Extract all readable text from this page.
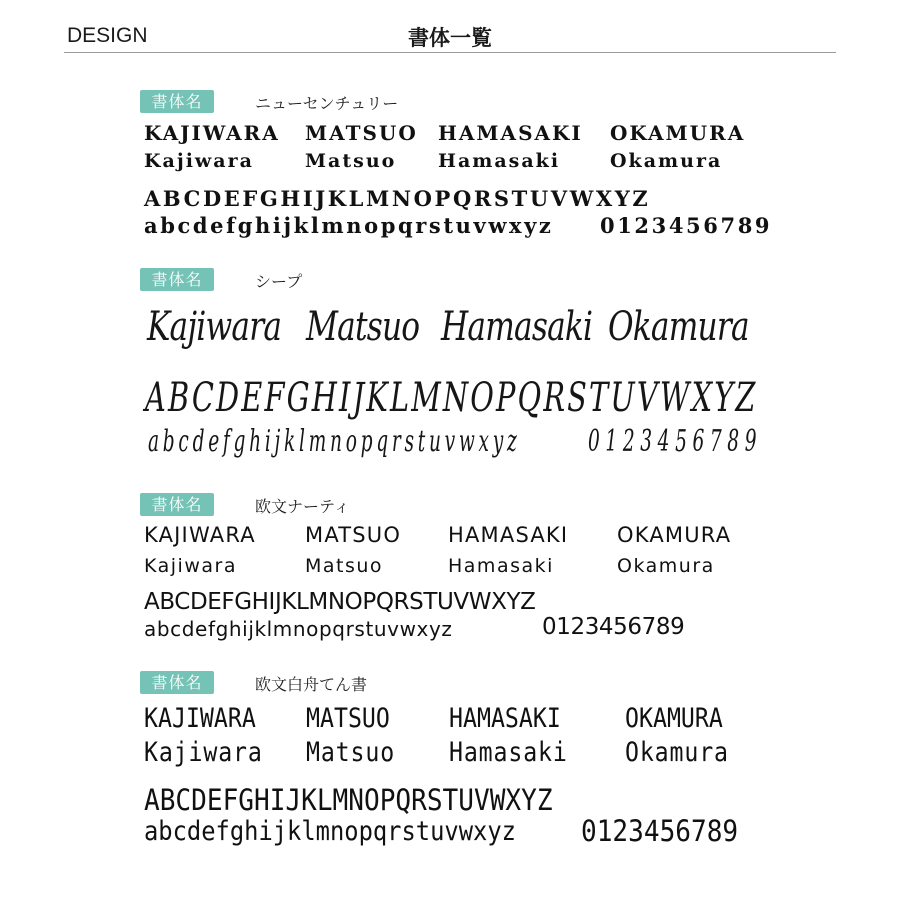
DESIGN	書体一覧
書体名	ニューセンチュリー
KAJIWARA MATSUO HAMASAKI OKAMURA
Kajiwara	Matsuo Hamasaki	Okamura
ABCDEFGHIJKLMNOPQRSTUVWXYZ
abcdefghijklmnopqrstuvwxyz 0123456789
書体名	シープ
Kajiwara Matsuo Hamasaki Okamura
ABCDEFGHIJKLMNOPQRSTUVWXYZ
abcdefghijklmnopqrstuvwxyz 0123456789
書体名	欧文ナーティ
KAJIWARA MATSUO HAMASAKI OKAMURA
Kajiwara	Matsuo	Hamasaki	Okamura
ABCDEFGHIJKLMNOPQRSTUVWXYZ
abcdefghijklmnopqrstuvwxyz	0123456789
書体名	欧文白舟てん書
KAJIWARA MATSUO HAMASAKI OKAMURA
Kajiwara Matsuo Hamasaki Okamura
ABCDEFGHIJKLMNOPQRSTUVWXYZ
abcdefghijklmnopqrstuvwxyz 0123456789
